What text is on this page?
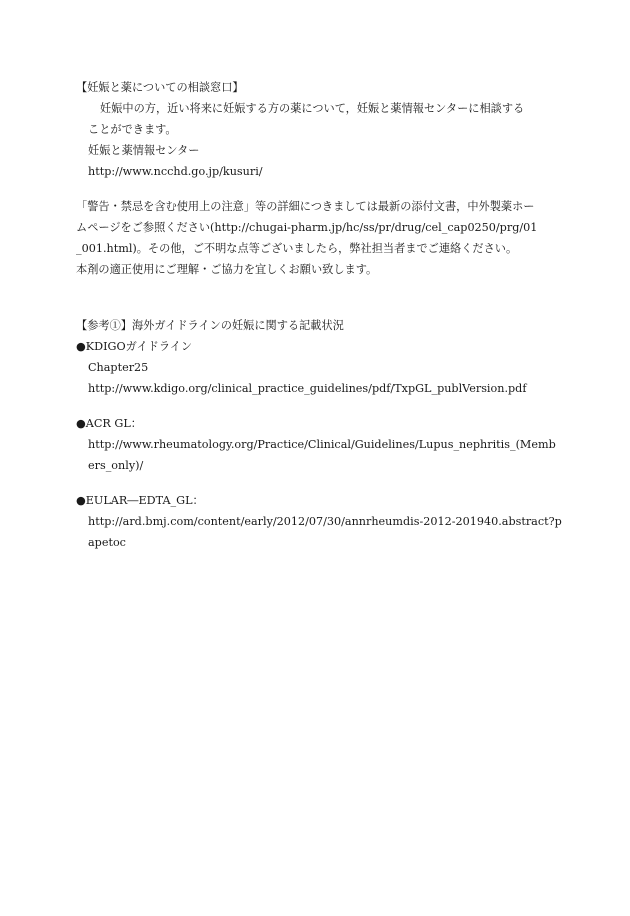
【妊娠と薬についての相談窓口】
妊娠中の方，近い将来に妊娠する方の薬について，妊娠と薬情報センターに相談する
ことができます。
妊娠と薬情報センター
http://www.ncchd.go.jp/kusuri/
「警告・禁忌を含む使用上の注意」等の詳細につきましては最新の添付文書，中外製薬ホー
ムページをご参照ください(http://chugai-pharm.jp/hc/ss/pr/drug/cel_cap0250/prg/01
_001.html)。その他，ご不明な点等ございましたら，弊社担当者までご連絡ください。
本剤の適正使用にご理解・ご協力を宜しくお願い致します。
【参考①】海外ガイドラインの妊娠に関する記載状況
●KDIGOガイドライン
Chapter25
http://www.kdigo.org/clinical_practice_guidelines/pdf/TxpGL_publVersion.pdf
●ACR GL：
http://www.rheumatology.org/Practice/Clinical/Guidelines/Lupus_nephritis_(Memb
ers_only)/
●EULAR―EDTA_GL：
http://ard.bmj.com/content/early/2012/07/30/annrheumdis-2012-201940.abstract?p
apetoc
